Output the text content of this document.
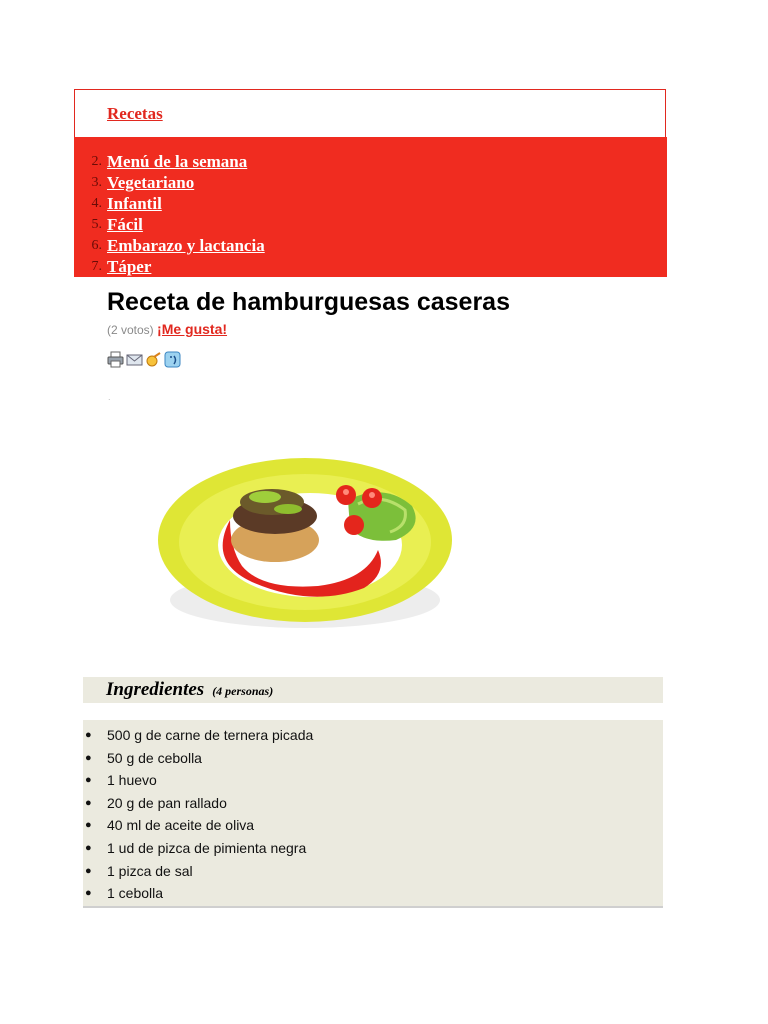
Recetas
2. Menú de la semana
3. Vegetariano
4. Infantil
5. Fácil
6. Embarazo y lactancia
7. Táper
Receta de hamburguesas caseras
(2 votos) ¡Me gusta!
.
Ingredientes (4 personas)
● 500 g de carne de ternera picada
● 50 g de cebolla
● 1 huevo
● 20 g de pan rallado
● 40 ml de aceite de oliva
● 1 ud de pizca de pimienta negra
● 1 pizca de sal
● 1 cebolla
